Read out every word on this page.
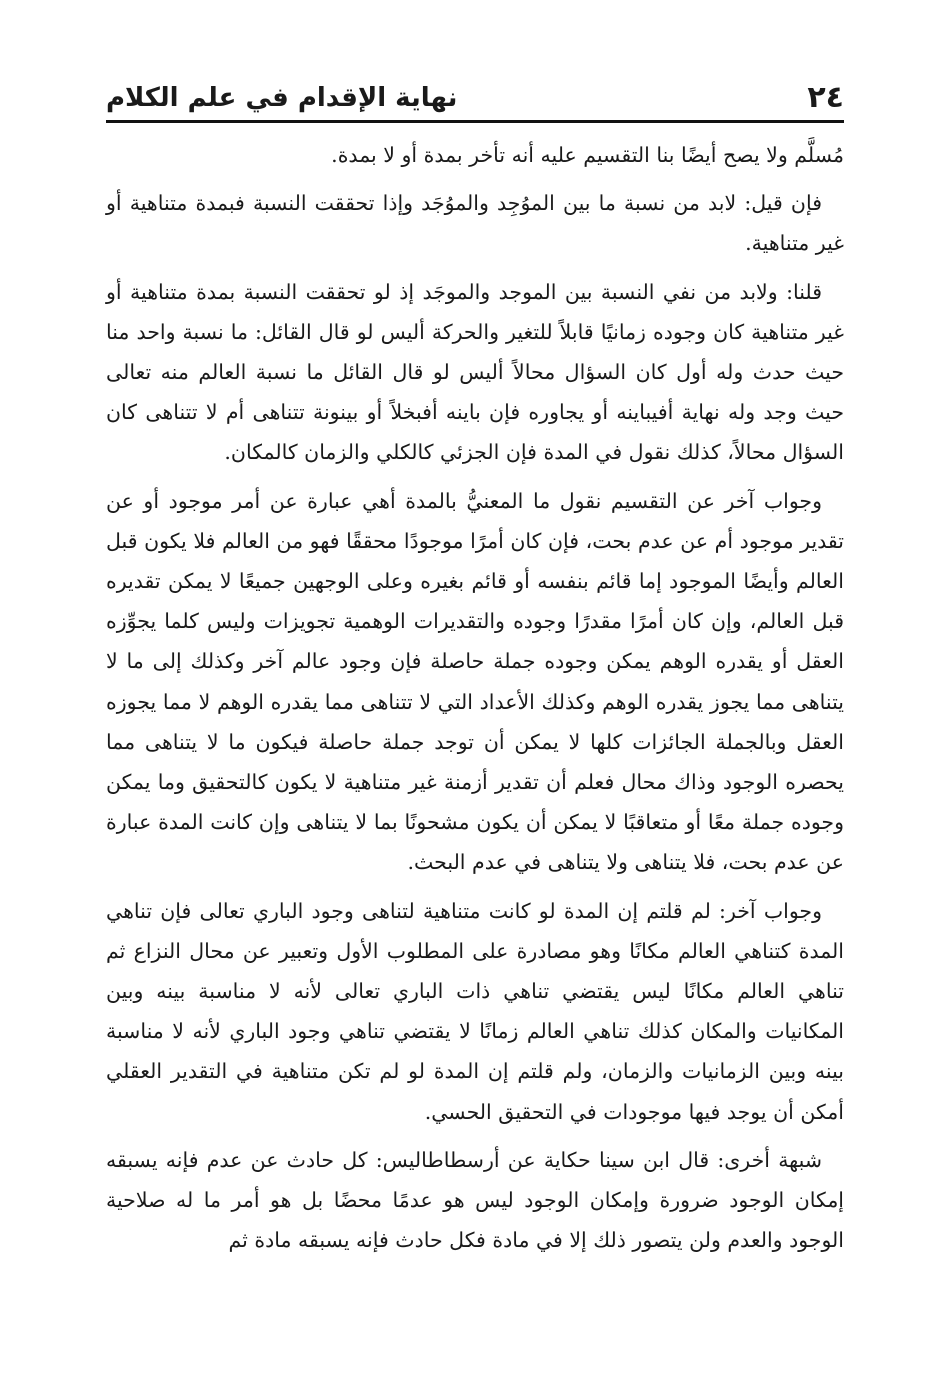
٢٤
نهاية الإقدام في علم الكلام

مُسلَّم ولا يصح أيضًا بنا التقسيم عليه أنه تأخر بمدة أو لا بمدة.

فإن قيل: لابد من نسبة ما بين الموُجِد والموُجَد وإذا تحققت النسبة فبمدة متناهية أو غير متناهية.

قلنا: ولابد من نفي النسبة بين الموجد والموجَد إذ لو تحققت النسبة بمدة متناهية أو غير متناهية كان وجوده زمانيًا قابلاً للتغير والحركة أليس لو قال القائل: ما نسبة واحد منا حيث حدث وله أول كان السؤال محالاً أليس لو قال القائل ما نسبة العالم منه تعالى حيث وجد وله نهاية أفيباينه أو يجاوره فإن باينه أفبخلاً أو بينونة تتناهى أم لا تتناهى كان السؤال محالاً، كذلك نقول في المدة فإن الجزئي كالكلي والزمان كالمكان.

وجواب آخر عن التقسيم نقول ما المعنيُّ بالمدة أهي عبارة عن أمر موجود أو عن تقدير موجود أم عن عدم بحت، فإن كان أمرًا موجودًا محققًا فهو من العالم فلا يكون قبل العالم وأيضًا الموجود إما قائم بنفسه أو قائم بغيره وعلى الوجهين جميعًا لا يمكن تقديره قبل العالم، وإن كان أمرًا مقدرًا وجوده والتقديرات الوهمية تجويزات وليس كلما يجوِّزه العقل أو يقدره الوهم يمكن وجوده جملة حاصلة فإن وجود عالم آخر وكذلك إلى ما لا يتناهى مما يجوز يقدره الوهم وكذلك الأعداد التي لا تتناهى مما يقدره الوهم لا مما يجوزه العقل وبالجملة الجائزات كلها لا يمكن أن توجد جملة حاصلة فيكون ما لا يتناهى مما يحصره الوجود وذاك محال فعلم أن تقدير أزمنة غير متناهية لا يكون كالتحقيق وما يمكن وجوده جملة معًا أو متعاقبًا لا يمكن أن يكون مشحونًا بما لا يتناهى وإن كانت المدة عبارة عن عدم بحت، فلا يتناهى ولا يتناهى في عدم البحث.

وجواب آخر: لم قلتم إن المدة لو كانت متناهية لتناهى وجود الباري تعالى فإن تناهي المدة كتناهي العالم مكانًا وهو مصادرة على المطلوب الأول وتعبير عن محال النزاع ثم تناهي العالم مكانًا ليس يقتضي تناهي ذات الباري تعالى لأنه لا مناسبة بينه وبين المكانيات والمكان كذلك تناهي العالم زمانًا لا يقتضي تناهي وجود الباري لأنه لا مناسبة بينه وبين الزمانيات والزمان، ولم قلتم إن المدة لو لم تكن متناهية في التقدير العقلي أمكن أن يوجد فيها موجودات في التحقيق الحسي.

شبهة أخرى: قال ابن سينا حكاية عن أرسطاطاليس: كل حادث عن عدم فإنه يسبقه إمكان الوجود ضرورة وإمكان الوجود ليس هو عدمًا محضًا بل هو أمر ما له صلاحية الوجود والعدم ولن يتصور ذلك إلا في مادة فكل حادث فإنه يسبقه مادة ثم
